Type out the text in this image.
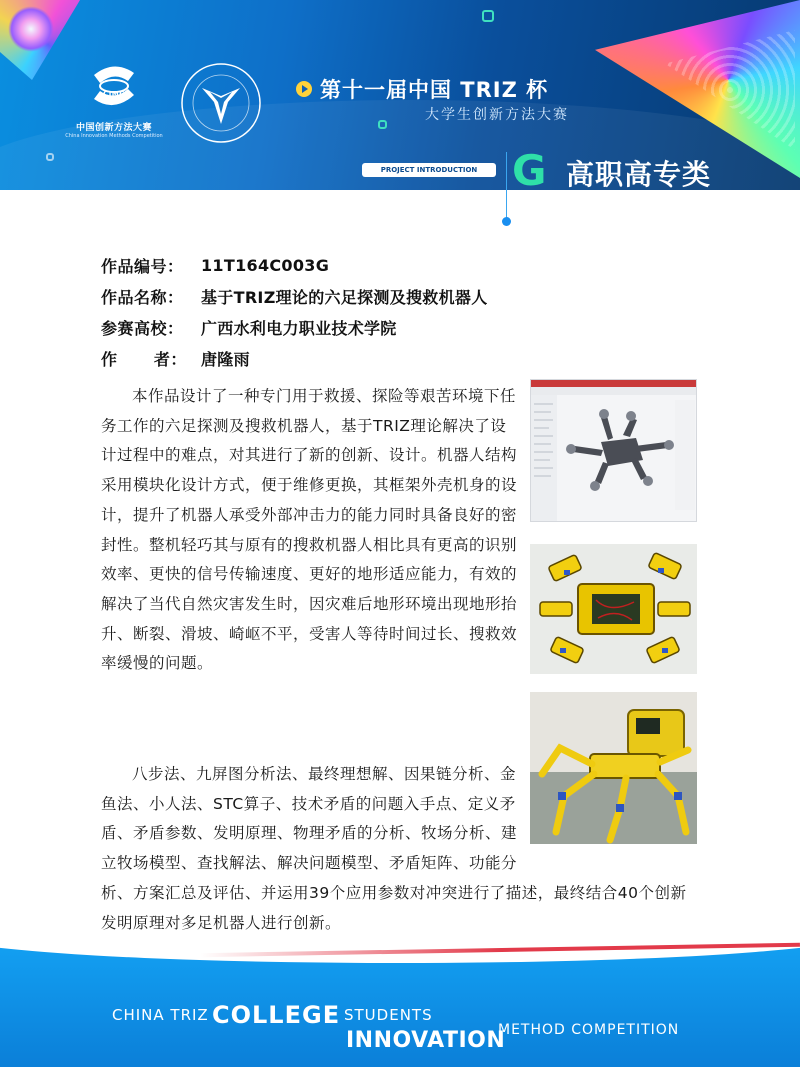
CIMC
中国创新方法大赛
China Innovation Methods Competition
第十一届中国 TRIZ 杯
大学生创新方法大赛
PROJECT INTRODUCTION G 高职高专类
作品编号：	11T164C003G
作品名称：	基于TRIZ理论的六足探测及搜救机器人
参赛高校：	广西水利电力职业技术学院
作      者： 唐隆雨

本作品设计了一种专门用于救援、探险等艰苦环境下任务工作的六足探测及搜救机器人，基于TRIZ理论解决了设计过程中的难点，对其进行了新的创新、设计。机器人结构采用模块化设计方式，便于维修更换，其框架外壳机身的设计，提升了机器人承受外部冲击力的能力同时具备良好的密封性。整机轻巧其与原有的搜救机器人相比具有更高的识别效率、更快的信号传输速度、更好的地形适应能力，有效的解决了当代自然灾害发生时，因灾难后地形环境出现地形抬升、断裂、滑坡、崎岖不平，受害人等待时间过长、搜救效率缓慢的问题。

八步法、九屏图分析法、最终理想解、因果链分析、金鱼法、小人法、STC算子、技术矛盾的问题入手点、定义矛盾、矛盾参数、发明原理、物理矛盾的分析、牧场分析、建立牧场模型、查找解法、解决问题模型、矛盾矩阵、功能分析、方案汇总及评估、并运用39个应用参数对冲突进行了描述，最终结合40个创新发明原理对多足机器人进行创新。
CHINA TRIZ COLLEGE STUDENTS
INNOVATION
METHOD COMPETITION
